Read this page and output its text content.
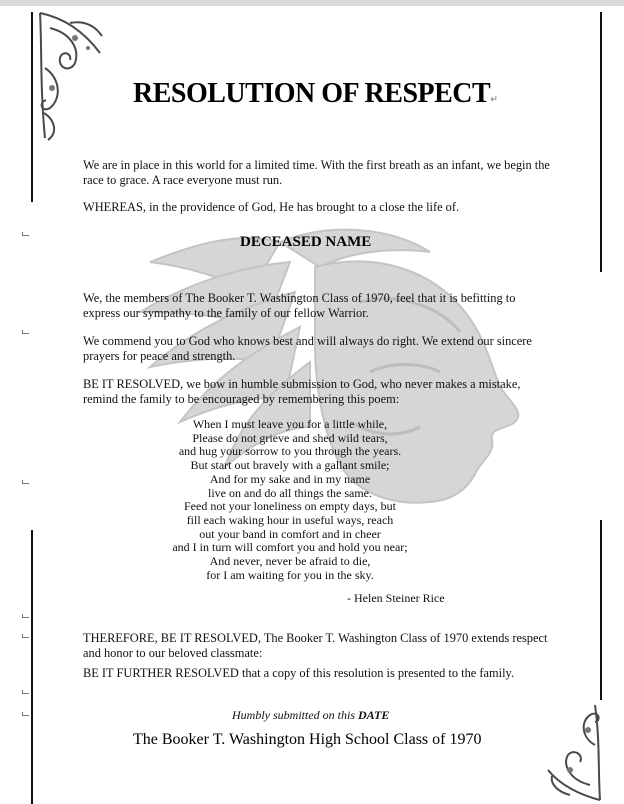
RESOLUTION OF RESPECT↵
We are in place in this world for a limited time. With the first breath as an infant, we begin the race to grace. A race everyone must run.
WHEREAS, in the providence of God, He has brought to a close the life of.
DECEASED NAME
We, the members of The Booker T. Washington Class of 1970, feel that it is befitting to express our sympathy to the family of our fellow Warrior.
We commend you to God who knows best and will always do right. We extend our sincere prayers for peace and strength.
BE IT RESOLVED, we bow in humble submission to God, who never makes a mistake, remind the family to be encouraged by remembering this poem:
When I must leave you for a little while,
Please do not grieve and shed wild tears,
and hug your sorrow to you through the years.
But start out bravely with a gallant smile;
And for my sake and in my name
live on and do all things the same.
Feed not your loneliness on empty days, but
fill each waking hour in useful ways, reach
out your band in comfort and in cheer
and I in turn will comfort you and hold you near;
And never, never be afraid to die,
for I am waiting for you in the sky.
- Helen Steiner Rice
THEREFORE, BE IT RESOLVED, The Booker T. Washington Class of 1970 extends respect and honor to our beloved classmate:
BE IT FURTHER RESOLVED that a copy of this resolution is presented to the family.
Humbly submitted on this DATE
The Booker T. Washington High School Class of 1970
